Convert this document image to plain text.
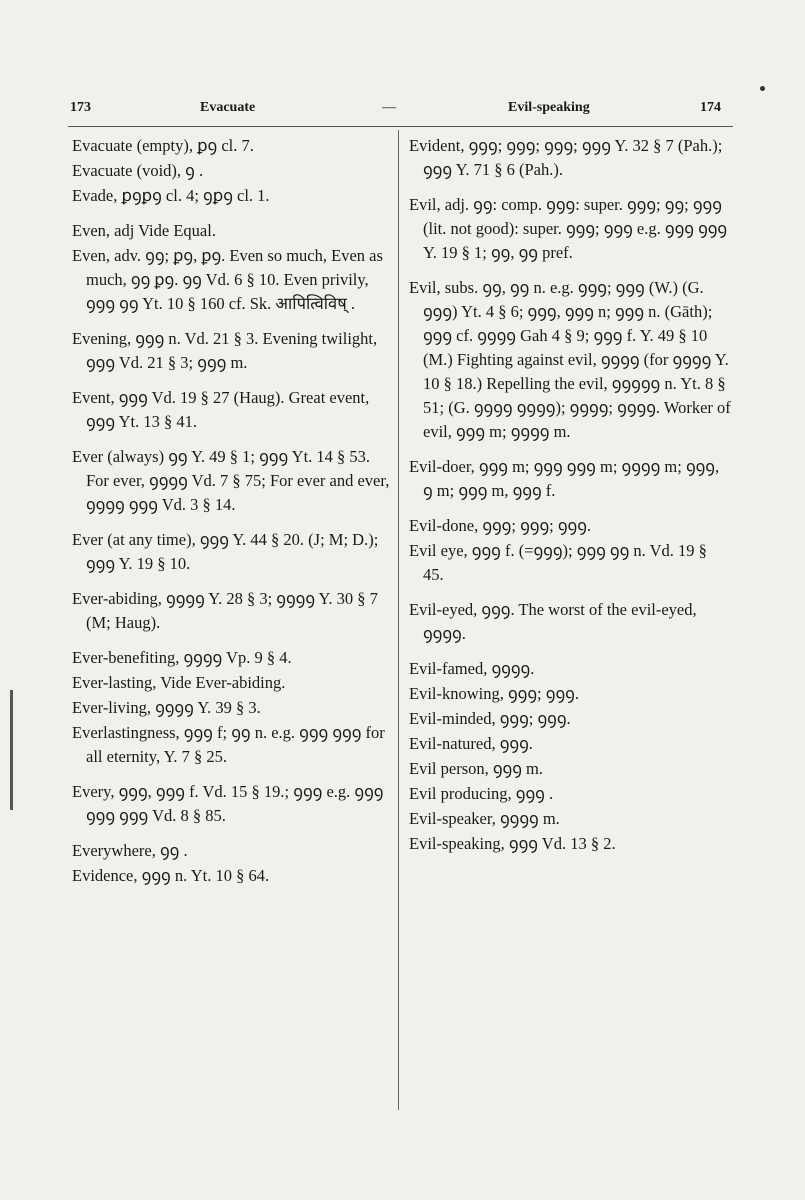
173	Evacuate	—	Evil-speaking	174

Evacuate (empty), ꝑꝯ cl. 7.

Evacuate (void), ꝯ .

Evade, ꝑꝯꝑꝯ cl. 4; ꝯꝑꝯ cl. 1.

Even, adj Vide Equal.

Even, adv. ꝯꝯ; ꝑꝯ, ꝑꝯ. Even so much, Even as much, ꝯꝯ ꝑꝯ. ꝯꝯ Vd. 6 § 10. Even privily, ꝯꝯꝯ ꝯꝯ Yt. 10 § 160 cf. Sk. आपित्विविष् .

Evening, ꝯꝯꝯ n. Vd. 21 § 3. Evening twilight, ꝯꝯꝯ Vd. 21 § 3; ꝯꝯꝯ m.

Event, ꝯꝯꝯ Vd. 19 § 27 (Haug). Great event, ꝯꝯꝯ Yt. 13 § 41.

Ever (always) ꝯꝯ Y. 49 § 1; ꝯꝯꝯ Yt. 14 § 53. For ever, ꝯꝯꝯꝯ Vd. 7 § 75; For ever and ever, ꝯꝯꝯꝯ ꝯꝯꝯ Vd. 3 § 14.

Ever (at any time), ꝯꝯꝯ Y. 44 § 20. (J; M; D.); ꝯꝯꝯ Y. 19 § 10.

Ever-abiding, ꝯꝯꝯꝯ Y. 28 § 3; ꝯꝯꝯꝯ Y. 30 § 7 (M; Haug).

Ever-benefiting, ꝯꝯꝯꝯ Vp. 9 § 4.

Ever-lasting, Vide Ever-abiding.

Ever-living, ꝯꝯꝯꝯ Y. 39 § 3.

Everlastingness, ꝯꝯꝯ f; ꝯꝯ n. e.g. ꝯꝯꝯ ꝯꝯꝯ for all eternity, Y. 7 § 25.

Every, ꝯꝯꝯ, ꝯꝯꝯ f. Vd. 15 § 19.; ꝯꝯꝯ e.g. ꝯꝯꝯ ꝯꝯꝯ ꝯꝯꝯ Vd. 8 § 85.

Everywhere, ꝯꝯ .

Evidence, ꝯꝯꝯ n. Yt. 10 § 64.

Evident, ꝯꝯꝯ; ꝯꝯꝯ; ꝯꝯꝯ; ꝯꝯꝯ Y. 32 § 7 (Pah.); ꝯꝯꝯ Y. 71 § 6 (Pah.).

Evil, adj. ꝯꝯ: comp. ꝯꝯꝯ: super. ꝯꝯꝯ; ꝯꝯ; ꝯꝯꝯ (lit. not good): super. ꝯꝯꝯ; ꝯꝯꝯ e.g. ꝯꝯꝯ ꝯꝯꝯ Y. 19 § 1; ꝯꝯ, ꝯꝯ pref.

Evil, subs. ꝯꝯ, ꝯꝯ n. e.g. ꝯꝯꝯ; ꝯꝯꝯ (W.) (G. ꝯꝯꝯ) Yt. 4 § 6; ꝯꝯꝯ, ꝯꝯꝯ n; ꝯꝯꝯ n. (Gāth); ꝯꝯꝯ cf. ꝯꝯꝯꝯ Gah 4 § 9; ꝯꝯꝯ f. Y. 49 § 10 (M.) Fighting against evil, ꝯꝯꝯꝯ (for ꝯꝯꝯꝯ Y. 10 § 18.) Repelling the evil, ꝯꝯꝯꝯꝯ n. Yt. 8 § 51; (G. ꝯꝯꝯꝯ ꝯꝯꝯꝯ); ꝯꝯꝯꝯ; ꝯꝯꝯꝯ. Worker of evil, ꝯꝯꝯ m; ꝯꝯꝯꝯ m.

Evil-doer, ꝯꝯꝯ m; ꝯꝯꝯ ꝯꝯꝯ m; ꝯꝯꝯꝯ m; ꝯꝯꝯ, ꝯ m; ꝯꝯꝯ m, ꝯꝯꝯ f.

Evil-done, ꝯꝯꝯ; ꝯꝯꝯ; ꝯꝯꝯ.

Evil eye, ꝯꝯꝯ f. (=ꝯꝯꝯ); ꝯꝯꝯ ꝯꝯ n. Vd. 19 § 45.

Evil-eyed, ꝯꝯꝯ. The worst of the evil-eyed, ꝯꝯꝯꝯ.

Evil-famed, ꝯꝯꝯꝯ.

Evil-knowing, ꝯꝯꝯ; ꝯꝯꝯ.

Evil-minded, ꝯꝯꝯ; ꝯꝯꝯ.

Evil-natured, ꝯꝯꝯ.

Evil person, ꝯꝯꝯ m.

Evil producing, ꝯꝯꝯ .

Evil-speaker, ꝯꝯꝯꝯ m.

Evil-speaking, ꝯꝯꝯ Vd. 13 § 2.
